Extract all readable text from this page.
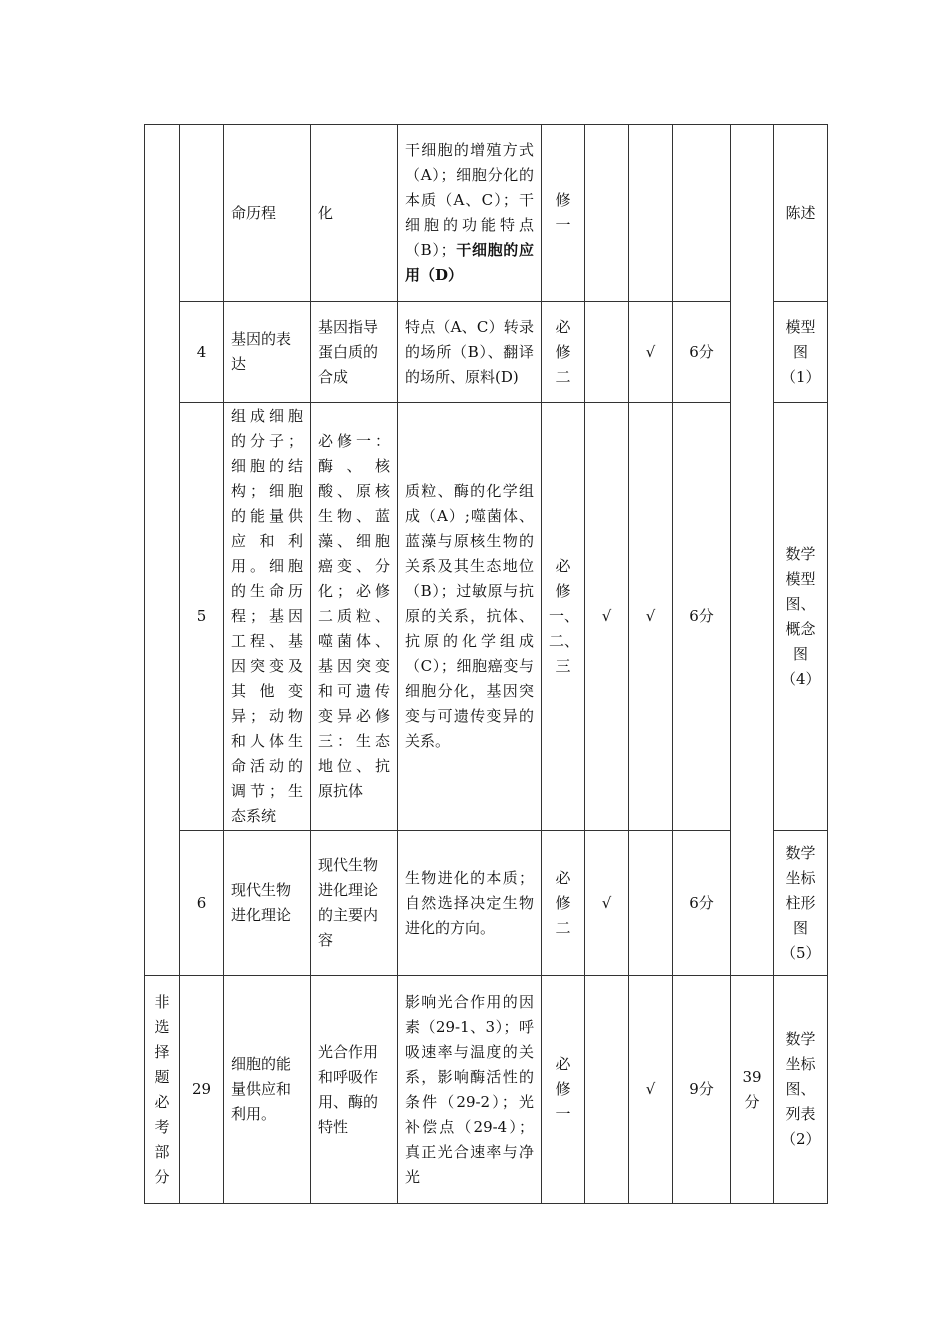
		命历程	化	干细胞的增殖方式（A）；细胞分化的本质（A、C）；干细胞的功能特点（B）；干细胞的应用（D）	修一					陈述
	4	基因的表达	基因指导蛋白质的合成	特点（A、C）转录的场所（B）、翻译的场所、原料(D)	必修二		√	6分		模型图（1）
	5	组成细胞的分子；细胞的结构；细胞的能量供应和利用。细胞的生命历程；基因工程、基因突变及其他变异；动物和人体生命活动的调节；生态系统	必修一：酶、核酸、原核生物、蓝藻、细胞癌变、分化；必修二质粒、噬菌体、基因突变和可遗传变异必修三：生态地位、抗原抗体	质粒、酶的化学组成（A）;噬菌体、蓝藻与原核生物的关系及其生态地位（B）；过敏原与抗原的关系，抗体、抗原的化学组成（C）；细胞癌变与细胞分化，基因突变与可遗传变异的关系。	必修一、二、三	√	√	6分		数学模型图、概念图（4）
	6	现代生物进化理论	现代生物进化理论的主要内容	生物进化的本质；自然选择决定生物进化的方向。	必修二	√		6分		数学坐标柱形图（5）
非选择题必考部分	29	细胞的能量供应和利用。	光合作用和呼吸作用、酶的特性	影响光合作用的因素（29-1、3）；呼吸速率与温度的关系，影响酶活性的条件（29-2）；光补偿点（29-4）；真正光合速率与净光	必修一		√	9分	39分	数学坐标图、列表（2）
